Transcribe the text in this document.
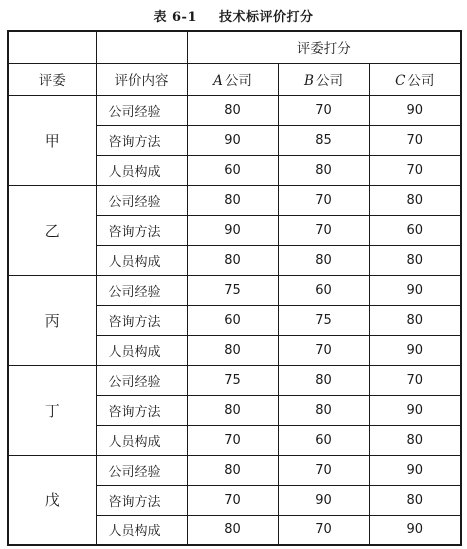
表 6-1 技术标评价打分
		评委打分		
评委	评价内容	A 公司	B 公司	C 公司
甲	公司经验	80	70	90
	咨询方法	90	85	70
	人员构成	60	80	70
乙	公司经验	80	70	80
	咨询方法	90	70	60
	人员构成	80	80	80
丙	公司经验	75	60	90
	咨询方法	60	75	80
	人员构成	80	70	90
丁	公司经验	75	80	70
	咨询方法	80	80	90
	人员构成	70	60	80
戊	公司经验	80	70	90
	咨询方法	70	90	80
	人员构成	80	70	90
